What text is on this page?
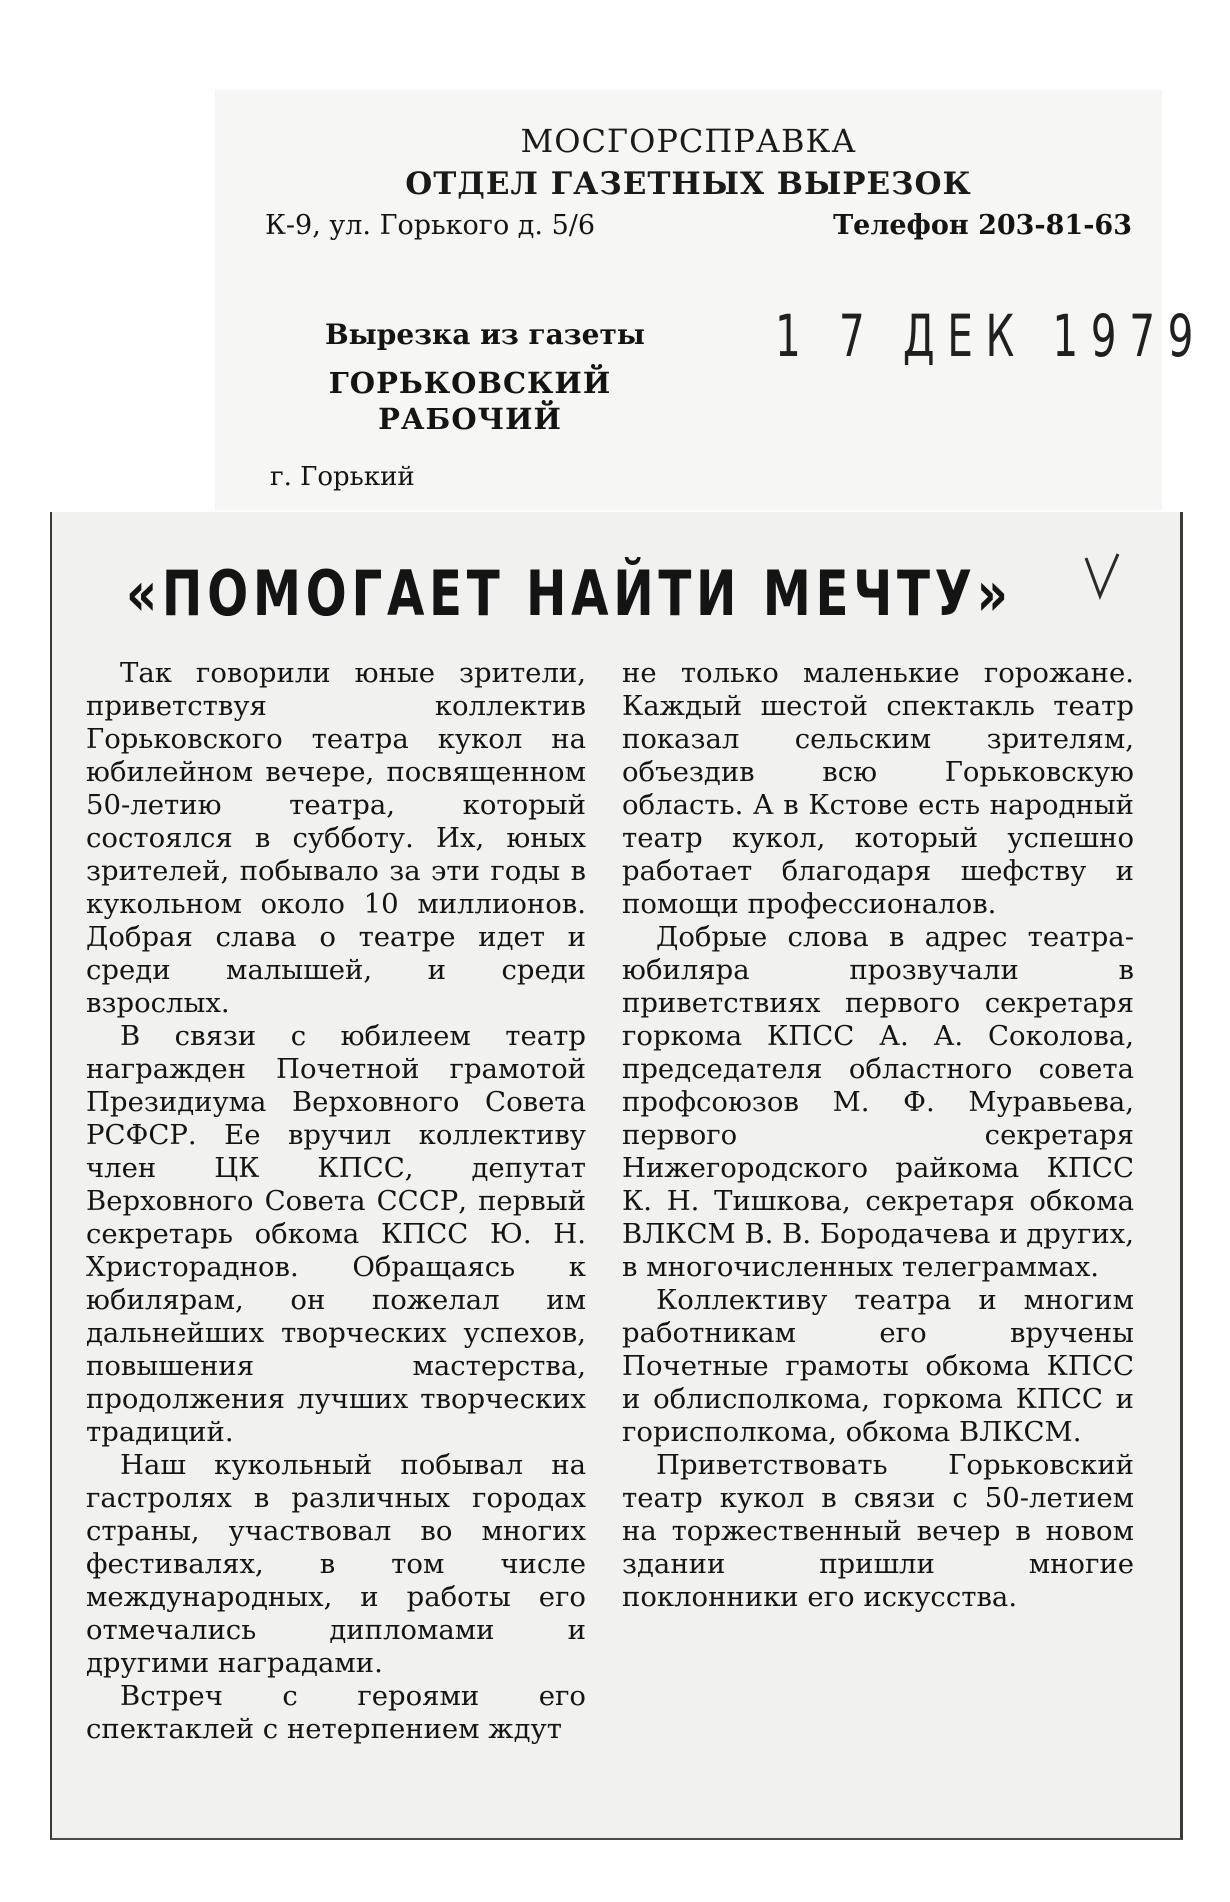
МОСГОРСПРАВКА
ОТДЕЛ ГАЗЕТНЫХ ВЫРЕЗОК
К-9, ул. Горького д. 5/6	Телефон 203-81-63
Вырезка из газеты
ГОРЬКОВСКИЙ
РАБОЧИЙ
г. Горький
1 7 ДЕК 1979
«ПОМОГАЕТ НАЙТИ МЕЧТУ»

Так говорили юные зрители, приветствуя коллектив Горьковского театра кукол на юбилейном вечере, посвященном 50-летию театра, который состоялся в субботу. Их, юных зрителей, побывало за эти годы в кукольном около 10 миллионов. Добрая слава о театре идет и среди малышей, и среди взрослых.

В связи с юбилеем театр награжден Почетной грамотой Президиума Верховного Совета РСФСР. Ее вручил коллективу член ЦК КПСС, депутат Верховного Совета СССР, первый секретарь обкома КПСС Ю. Н. Христораднов. Обращаясь к юбилярам, он пожелал им дальнейших творческих успехов, повышения мастерства, продолжения лучших творческих традиций.

Наш кукольный побывал на гастролях в различных городах страны, участвовал во многих фестивалях, в том числе международных, и работы его отмечались дипломами и другими наградами.

Встреч с героями его спектаклей с нетерпением ждут

не только маленькие горожане. Каждый шестой спектакль театр показал сельским зрителям, объездив всю Горьковскую область. А в Кстове есть народный театр кукол, который успешно работает благодаря шефству и помощи профессионалов.

Добрые слова в адрес театра-юбиляра прозвучали в приветствиях первого секретаря горкома КПСС А. А. Соколова, председателя областного совета профсоюзов М. Ф. Муравьева, первого секретаря Нижегородского райкома КПСС К. Н. Тишкова, секретаря обкома ВЛКСМ В. В. Бородачева и других, в многочисленных телеграммах.

Коллективу театра и многим работникам его вручены Почетные грамоты обкома КПСС и облисполкома, горкома КПСС и горисполкома, обкома ВЛКСМ.

Приветствовать Горьковский театр кукол в связи с 50-летием на торжественный вечер в новом здании пришли многие поклонники его искусства.
